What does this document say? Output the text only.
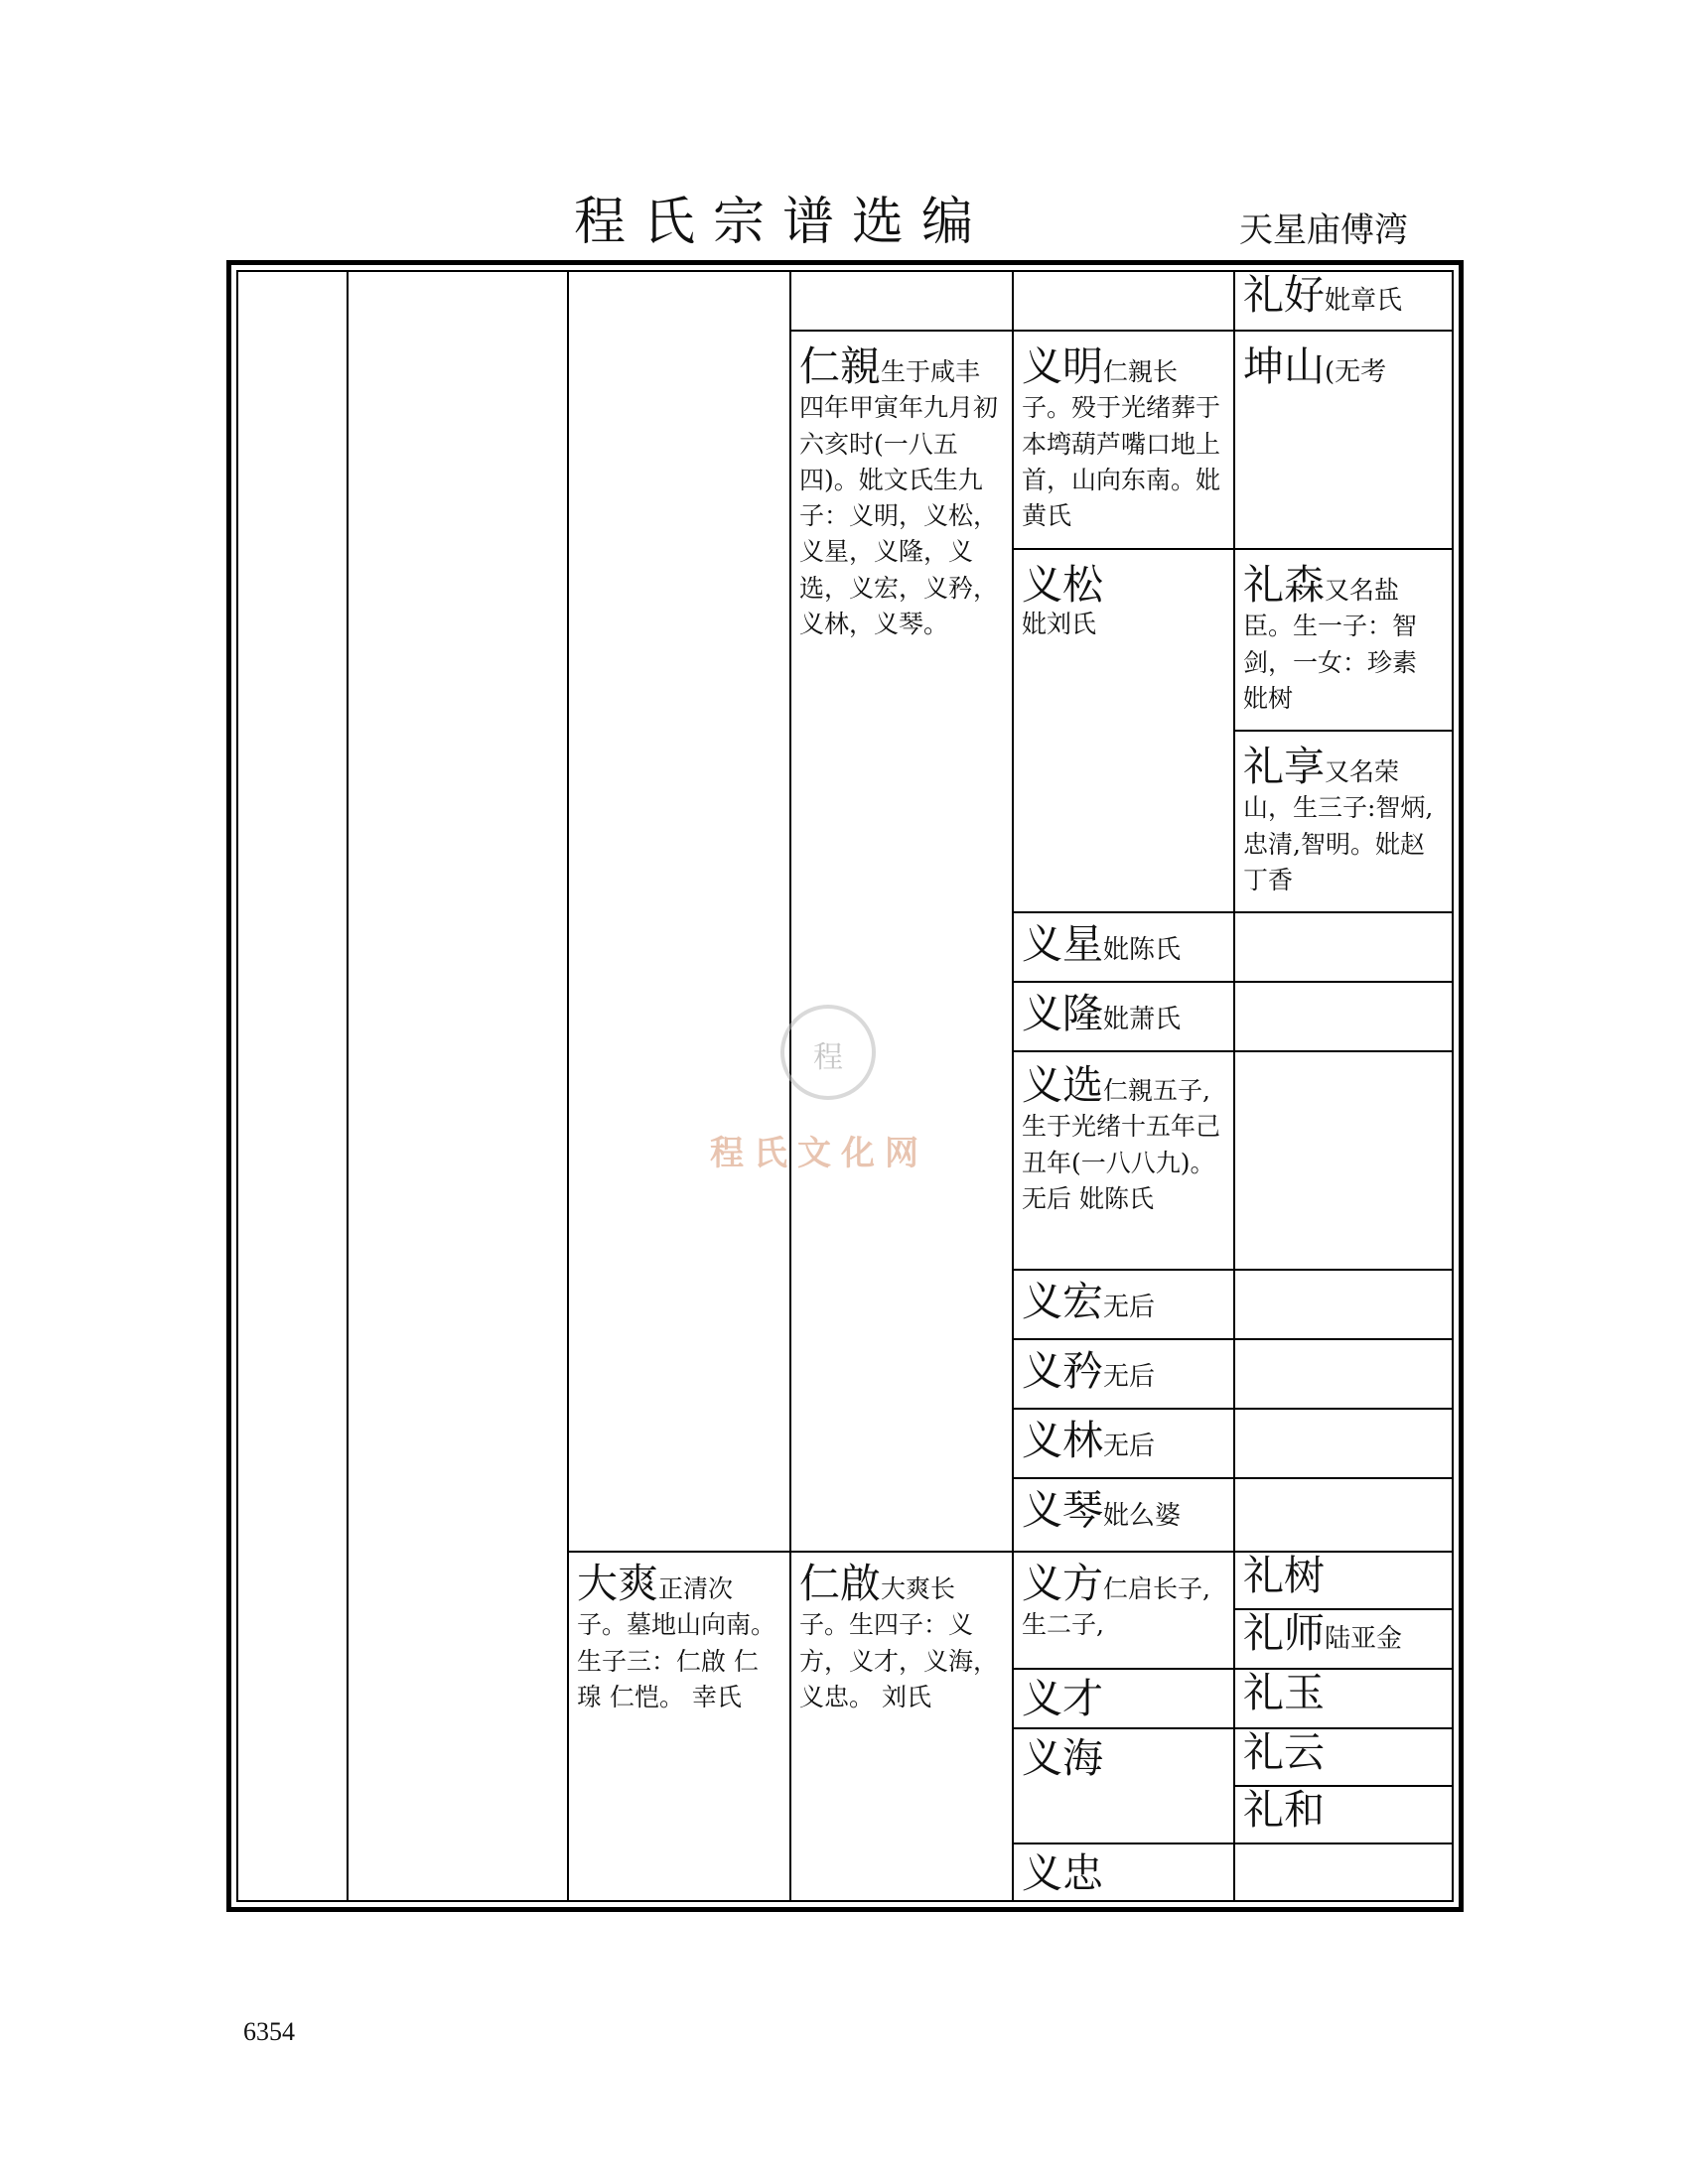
程氏宗谱选编	天星庙傅湾
礼好妣章氏
坤山(无考
礼森又名盐臣。生一子：智剑，一女：珍素 妣树
礼享又名荣山，生三子:智炳,忠清,智明。妣赵丁香
礼树
礼师陆亚金
礼玉
礼云
礼和
义明仁親长子。殁于光绪葬于本塆葫芦嘴口地上首，山向东南。妣黄氏
义松
妣刘氏
义星妣陈氏
义隆妣萧氏
义选仁親五子,生于光绪十五年己丑年(一八八九)。无后 妣陈氏
义宏无后
义矜无后
义林无后
义琴妣么婆
义方仁启长子,生二子,
义才
义海
义忠
仁親生于咸丰四年甲寅年九月初六亥时(一八五四)。妣文氏生九子：义明，义松，义星，义隆，义选，义宏，义矜，义林，义琴。
仁啟大爽长子。生四子：义方，义才，义海，义忠。 刘氏
大爽正清次子。墓地山向南。生子三：仁啟 仁瑔 仁恺。 幸氏
程
程氏文化网
6354
